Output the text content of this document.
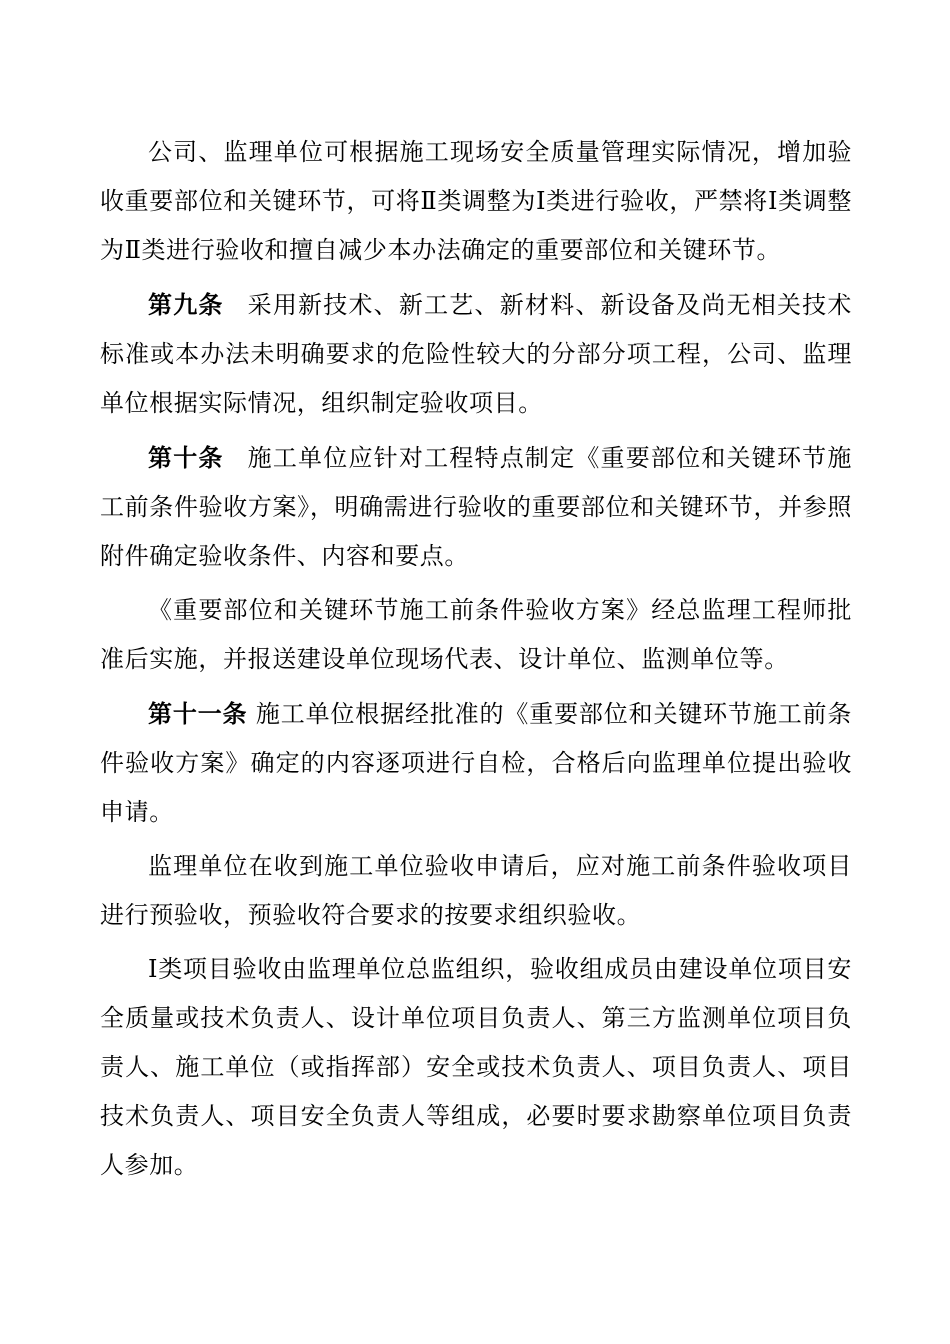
公司、监理单位可根据施工现场安全质量管理实际情况，增加验收重要部位和关键环节，可将Ⅱ类调整为Ⅰ类进行验收，严禁将Ⅰ类调整为Ⅱ类进行验收和擅自减少本办法确定的重要部位和关键环节。

第九条 采用新技术、新工艺、新材料、新设备及尚无相关技术标准或本办法未明确要求的危险性较大的分部分项工程，公司、监理单位根据实际情况，组织制定验收项目。

第十条 施工单位应针对工程特点制定《重要部位和关键环节施工前条件验收方案》，明确需进行验收的重要部位和关键环节，并参照附件确定验收条件、内容和要点。

《重要部位和关键环节施工前条件验收方案》经总监理工程师批准后实施，并报送建设单位现场代表、设计单位、监测单位等。

第十一条 施工单位根据经批准的《重要部位和关键环节施工前条件验收方案》确定的内容逐项进行自检，合格后向监理单位提出验收申请。

监理单位在收到施工单位验收申请后，应对施工前条件验收项目进行预验收，预验收符合要求的按要求组织验收。

Ⅰ类项目验收由监理单位总监组织，验收组成员由建设单位项目安全质量或技术负责人、设计单位项目负责人、第三方监测单位项目负责人、施工单位（或指挥部）安全或技术负责人、项目负责人、项目技术负责人、项目安全负责人等组成，必要时要求勘察单位项目负责人参加。
